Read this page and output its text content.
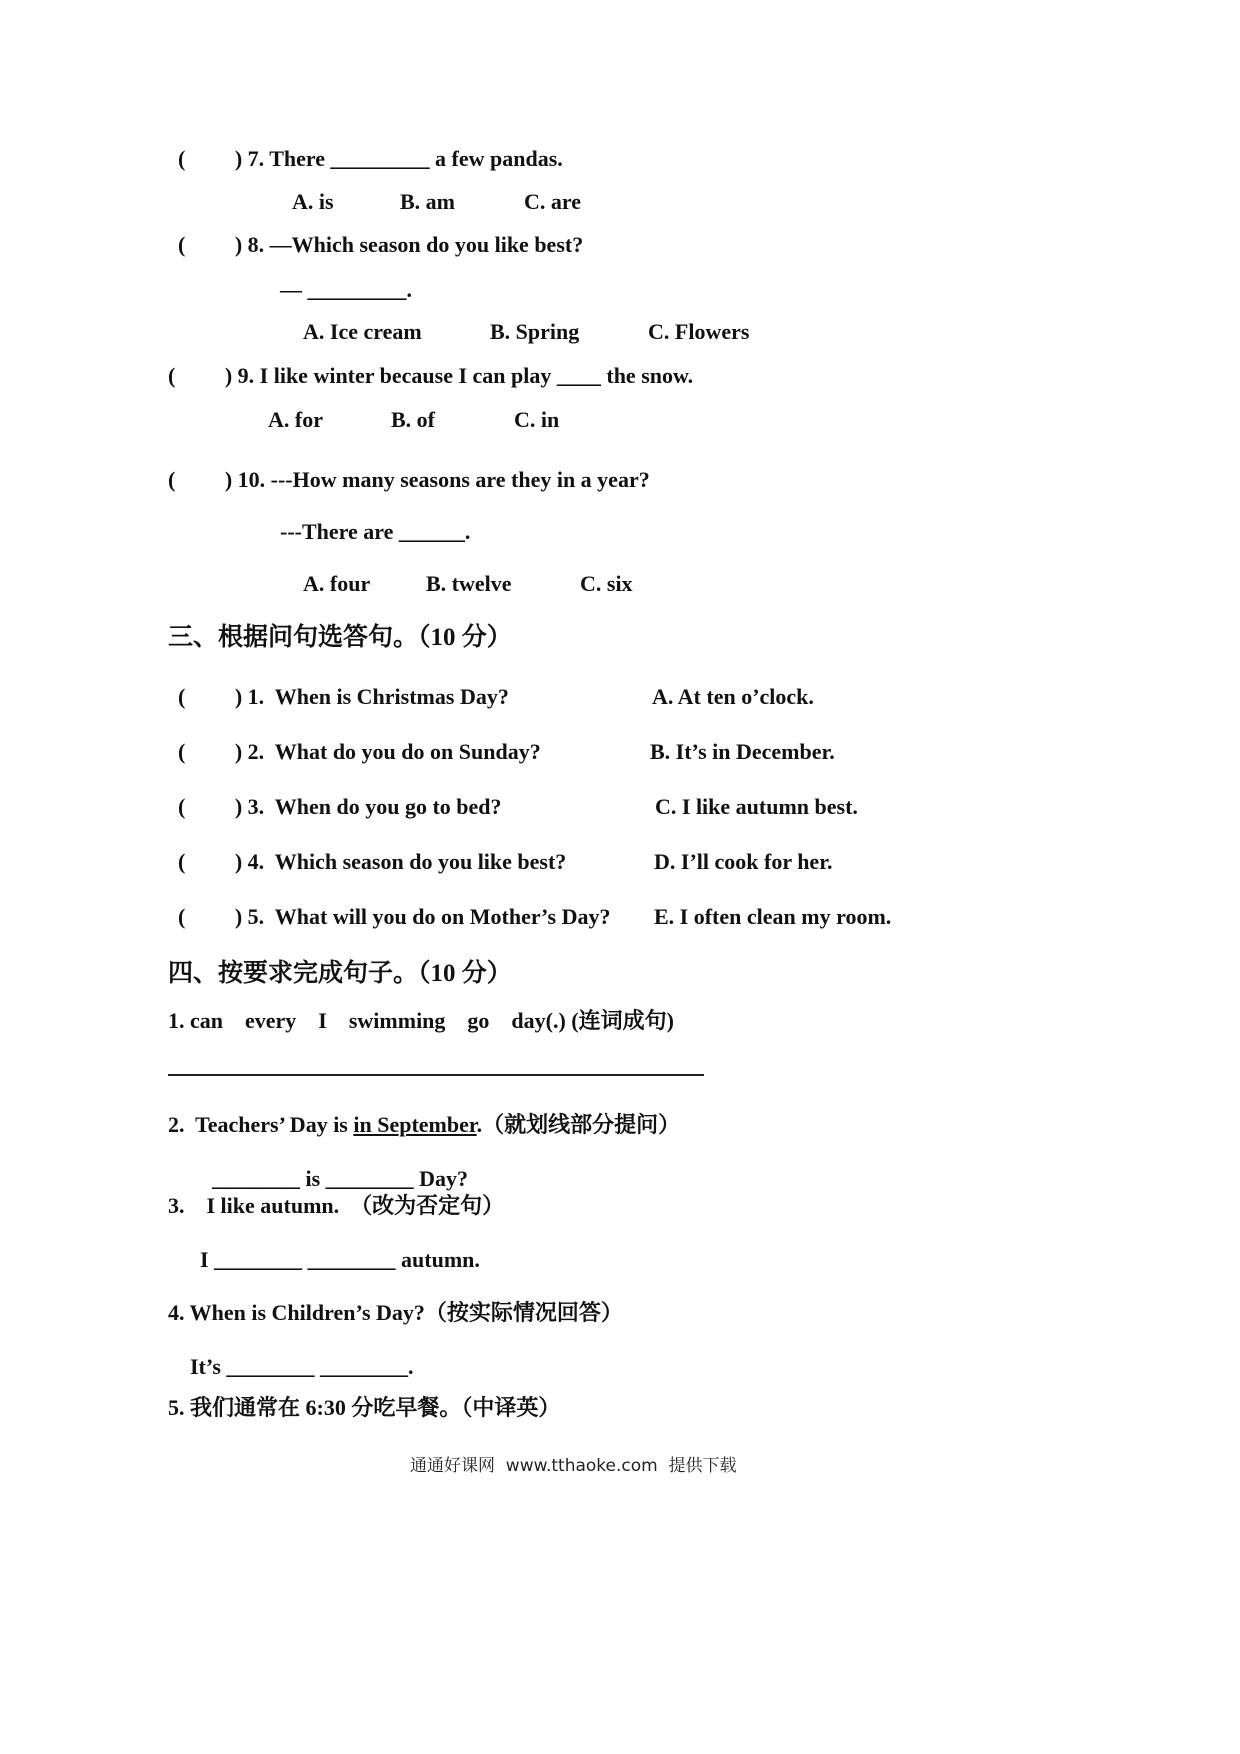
(         ) 7. There _________ a few pandas.
A. is	B. am	C. are
(         ) 8. —Which season do you like best?
— _________.
A. Ice cream	B. Spring	C. Flowers
(         ) 9. I like winter because I can play ____ the snow.
A. for	B. of	C. in
(         ) 10. ---How many seasons are they in a year?
---There are ______.
A. four	B. twelve	C. six
三、根据问句选答句。（10 分）
(         ) 1.  When is Christmas Day?	A. At ten o’clock.
(         ) 2.  What do you do on Sunday?	B. It’s in December.
(         ) 3.  When do you go to bed?	C. I like autumn best.
(         ) 4.  Which season do you like best?	D. I’ll cook for her.
(         ) 5.  What will you do on Mother’s Day? E. I often clean my room.
四、按要求完成句子。（10 分）
1. can    every    I    swimming    go    day(.) (连词成句)
2.  Teachers’ Day is in September.（就划线部分提问）
________ is ________ Day?
3.    I like autumn.  （改为否定句）
I ________ ________ autumn.
4. When is Children’s Day?（按实际情况回答）
It’s ________ ________.
5. 我们通常在 6:30 分吃早餐。（中译英）
通通好课网  www.tthaoke.com  提供下载
